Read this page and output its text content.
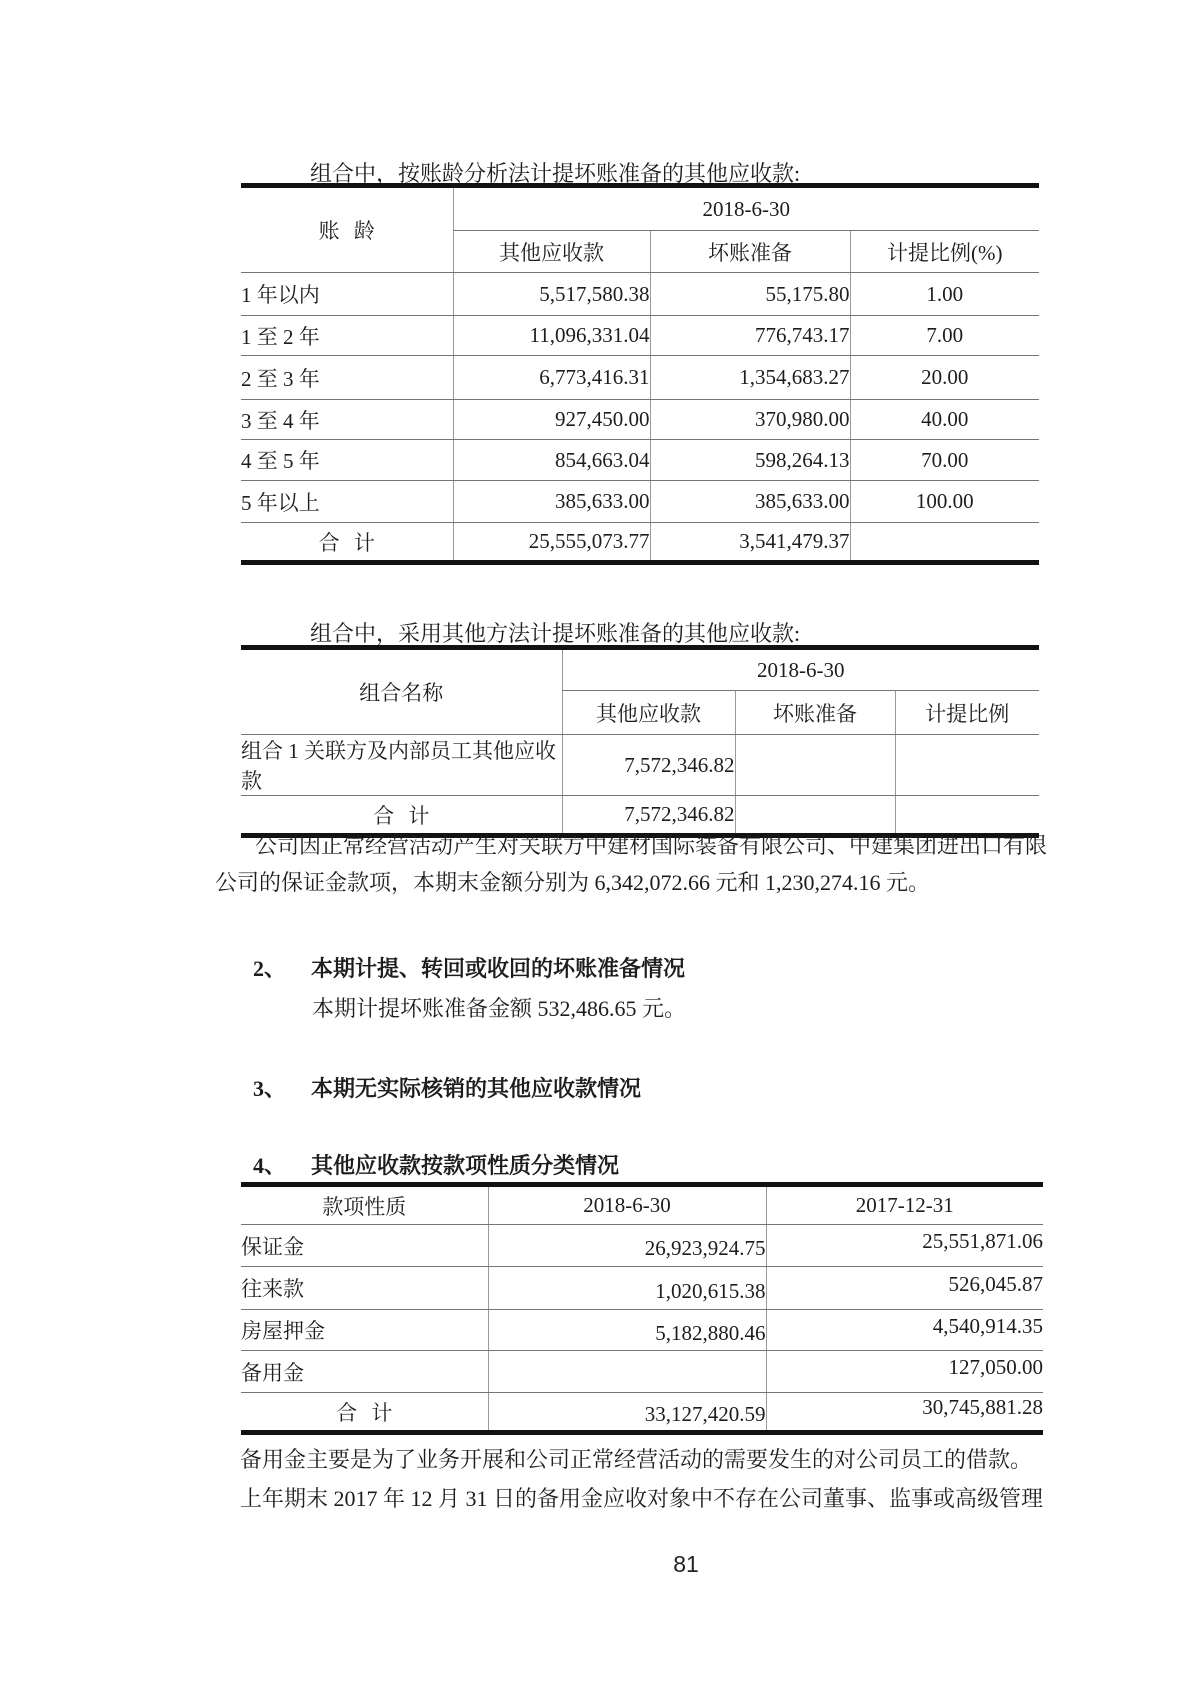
组合中，按账龄分析法计提坏账准备的其他应收款:
账 龄	2018-6-30		
	其他应收款	坏账准备	计提比例(%)
1 年以内	5,517,580.38	55,175.80	1.00
1 至 2 年	11,096,331.04	776,743.17	7.00
2 至 3 年	6,773,416.31	1,354,683.27	20.00
3 至 4 年	927,450.00	370,980.00	40.00
4 至 5 年	854,663.04	598,264.13	70.00
5 年以上	385,633.00	385,633.00	100.00
合 计	25,555,073.77	3,541,479.37	
组合中，采用其他方法计提坏账准备的其他应收款:
组合名称	2018-6-30		
	其他应收款	坏账准备	计提比例
组合 1 关联方及内部员工其他应收款	7,572,346.82		
合 计	7,572,346.82		
公司因正常经营活动产生对关联方中建材国际装备有限公司、中建集团进出口有限
公司的保证金款项，本期末金额分别为 6,342,072.66 元和 1,230,274.16 元。
2、	本期计提、转回或收回的坏账准备情况
本期计提坏账准备金额 532,486.65 元。
3、	本期无实际核销的其他应收款情况
4、	其他应收款按款项性质分类情况
款项性质	2018-6-30	2017-12-31
保证金	26,923,924.75	25,551,871.06
往来款	1,020,615.38	526,045.87
房屋押金	5,182,880.46	4,540,914.35
备用金		127,050.00
合 计	33,127,420.59	30,745,881.28
备用金主要是为了业务开展和公司正常经营活动的需要发生的对公司员工的借款。
上年期末 2017 年 12 月 31 日的备用金应收对象中不存在公司董事、监事或高级管理
81
